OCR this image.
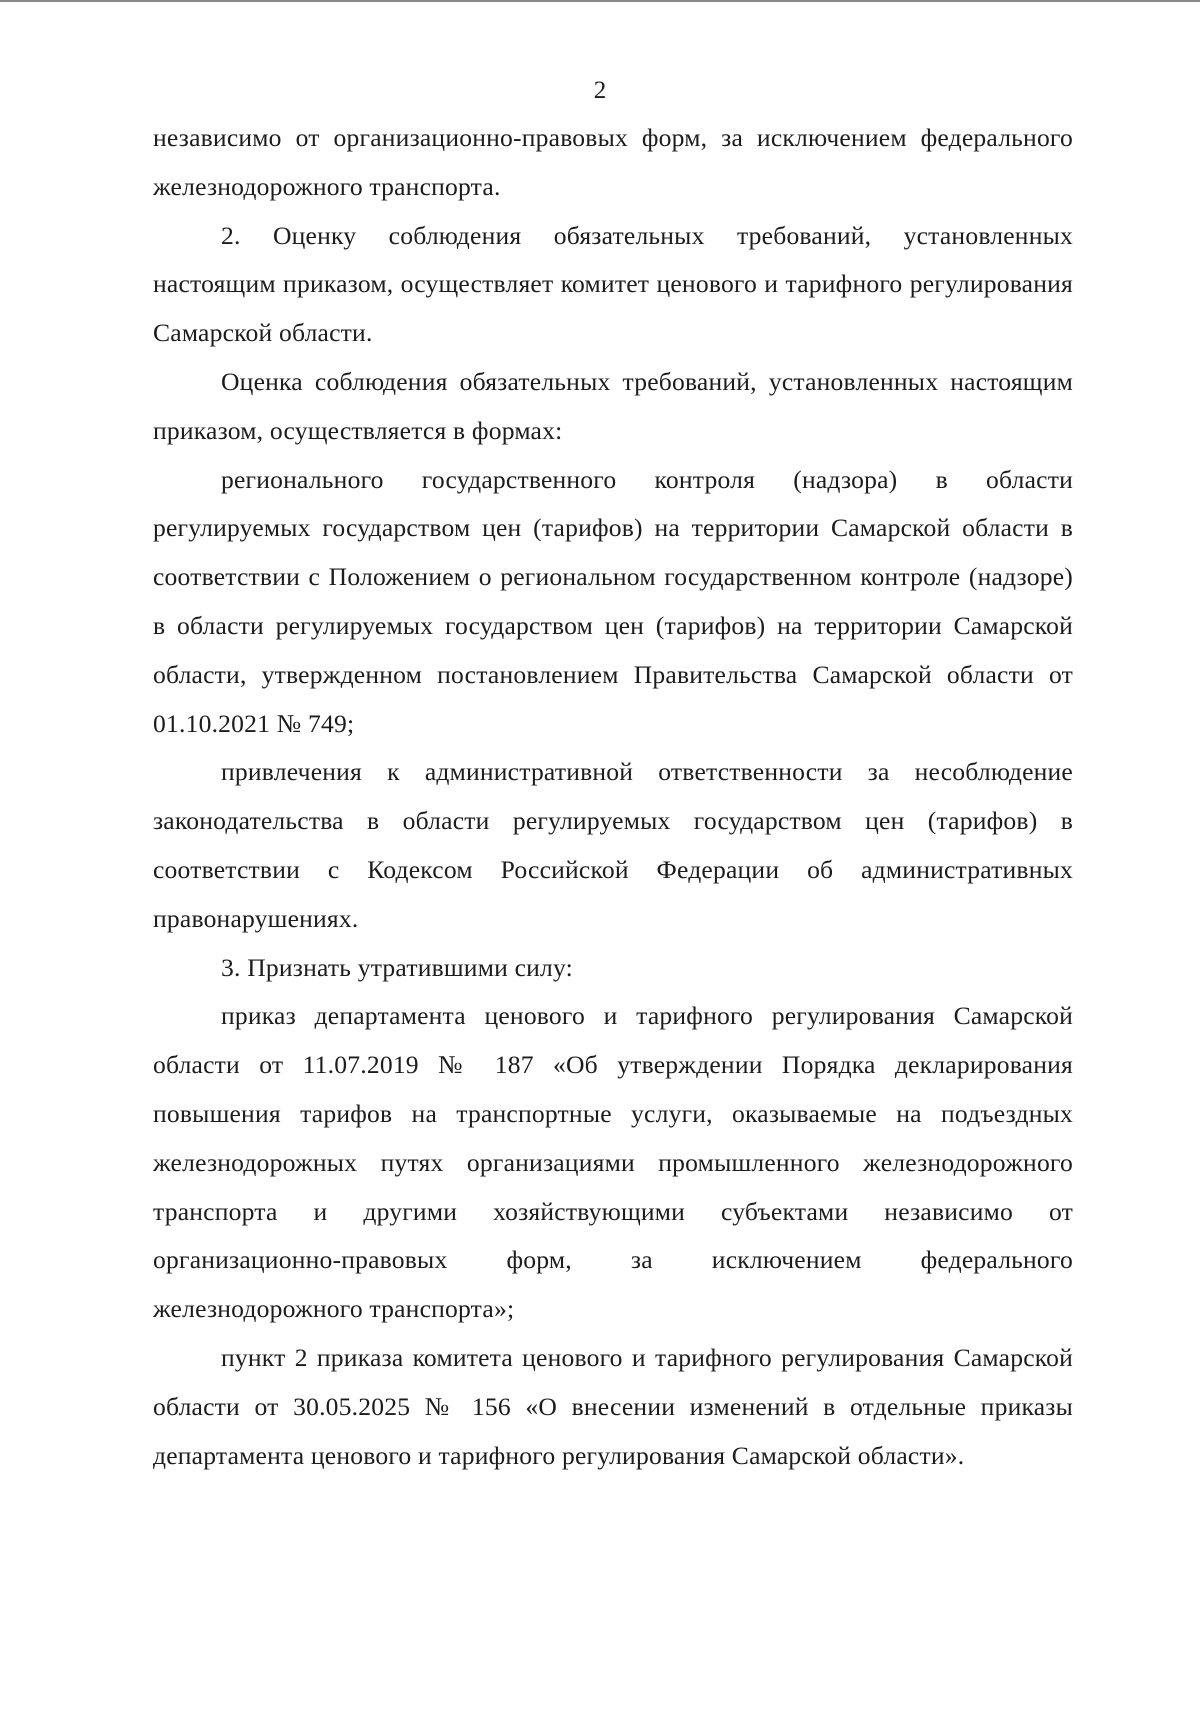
2

независимо от организационно-правовых форм, за исключением федерального железнодорожного транспорта.

2. Оценку соблюдения обязательных требований, установленных настоящим приказом, осуществляет комитет ценового и тарифного регулирования Самарской области.

Оценка соблюдения обязательных требований, установленных настоящим приказом, осуществляется в формах:

регионального государственного контроля (надзора) в области регулируемых государством цен (тарифов) на территории Самарской области в соответствии с Положением о региональном государственном контроле (надзоре) в области регулируемых государством цен (тарифов) на территории Самарской области, утвержденном постановлением Правительства Самарской области от 01.10.2021 № 749;

привлечения к административной ответственности за несоблюдение законодательства в области регулируемых государством цен (тарифов) в соответствии с Кодексом Российской Федерации об административных правонарушениях.

3. Признать утратившими силу:

приказ департамента ценового и тарифного регулирования Самарской области от 11.07.2019 № 187 «Об утверждении Порядка декларирования повышения тарифов на транспортные услуги, оказываемые на подъездных железнодорожных путях организациями промышленного железнодорожного транспорта и другими хозяйствующими субъектами независимо от организационно-правовых форм, за исключением федерального железнодорожного транспорта»;

пункт 2 приказа комитета ценового и тарифного регулирования Самарской области от 30.05.2025 № 156 «О внесении изменений в отдельные приказы департамента ценового и тарифного регулирования Самарской области».
